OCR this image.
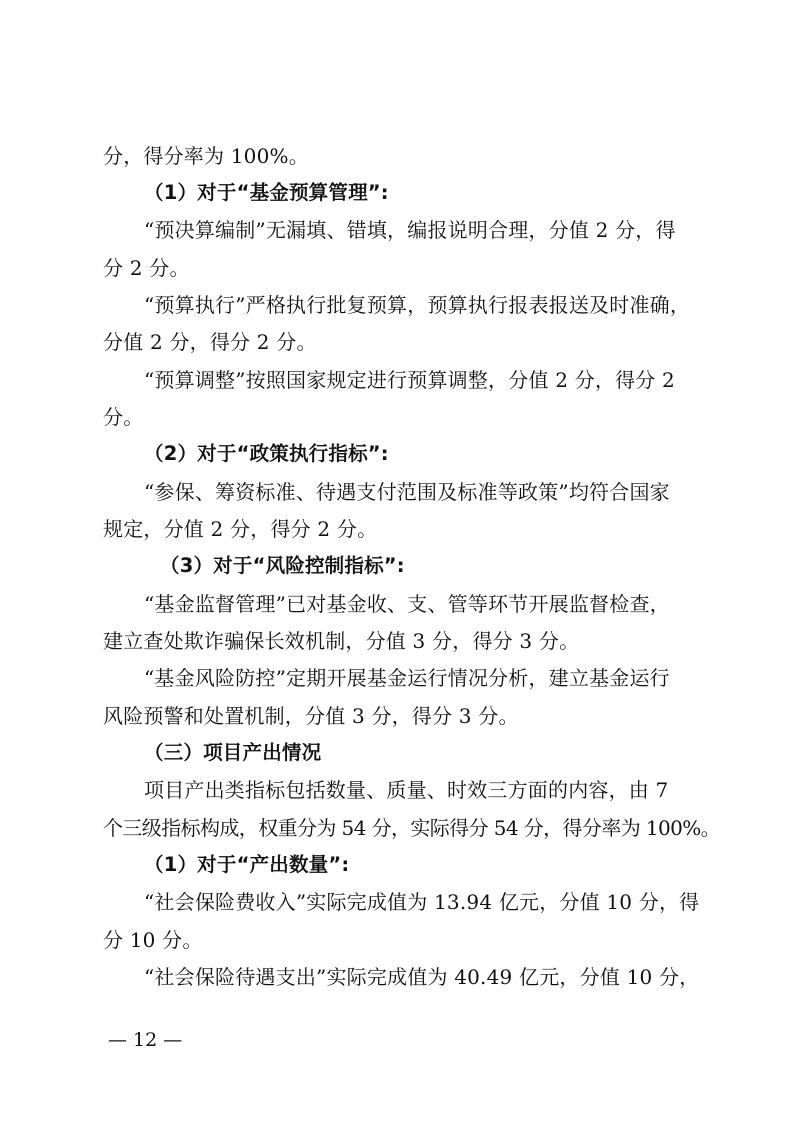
分，得分率为 100%。
（1）对于“基金预算管理”:
“预决算编制”无漏填、错填，编报说明合理，分值 2 分，得
分 2 分。
“预算执行”严格执行批复预算，预算执行报表报送及时准确，
分值 2 分，得分 2 分。
“预算调整”按照国家规定进行预算调整，分值 2 分，得分 2
分。
（2）对于“政策执行指标”:
“参保、筹资标准、待遇支付范围及标准等政策”均符合国家
规定，分值 2 分，得分 2 分。
（3）对于“风险控制指标”:
“基金监督管理”已对基金收、支、管等环节开展监督检查，
建立查处欺诈骗保长效机制，分值 3 分，得分 3 分。
“基金风险防控”定期开展基金运行情况分析，建立基金运行
风险预警和处置机制，分值 3 分，得分 3 分。
（三）项目产出情况
项目产出类指标包括数量、质量、时效三方面的内容，由 7
个三级指标构成，权重分为 54 分，实际得分 54 分，得分率为 100%。
（1）对于“产出数量”:
“社会保险费收入”实际完成值为 13.94 亿元，分值 10 分，得
分 10 分。
“社会保险待遇支出”实际完成值为 40.49 亿元，分值 10 分，
— 12 —
